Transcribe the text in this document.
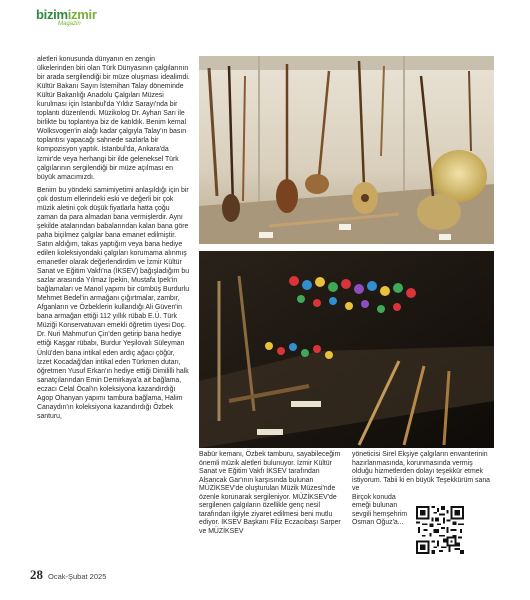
bizimizmir
Magazin

aletleri konusunda dünyanın en zengin ülkelerinden biri olan Türk Dünyasının çalgılarının bir arada sergilendiği bir müze oluşması idealimdi. Kültür Bakanı Sayın İstemihan Talay döneminde Kültür Bakanlığı Anadolu Çalgıları Müzesi kurulması için İstanbul'da Yıldız Sarayı'nda bir toplantı düzenlendi. Müzikolog Dr. Ayhan Sarı ile birlikte bu toplantıya biz de katıldık. Benim kemal Wolksvogen'in alağı kadar çalgıyla Talay'ın basın toplantısı yapacağı sahnede sazlarla bir kompozisyon yaptık. İstanbul'da, Ankara'da İzmir'de veya herhangi bir ilde geleneksel Türk çalgılarının sergilendiği bir müze açılması en büyük amacımızdı.

Benim bu yöndeki samimiyetimi anlaşıldığı için bir çok dostum ellerindeki eski ve değerli bir çok müzik aletini çok düşük fiyatlarla hatta çoğu zaman da para almadan bana vermişlerdir. Aynı şekilde atalarından babalarından kalan bana göre paha biçilmez çalgılar bana emanet edilmiştir. Satın aldığım, takas yaptığım veya bana hediye edilen koleksiyondaki çalgıları korumama alınmış emanetler olarak değerlendirdim ve İzmir Kültür Sanat ve Eğitim Vakfı'na (İKSEV) bağışladığım bu sazlar arasında Yılmaz İpekin, Mustafa İpek'in bağlamaları ve Manol yapımı bir cümbüş Burdurlu Mehmet Bedel'in armağanı çığırtmalar, zambır, Afganların ve Özbeklerin kullandığı Ali Güven'in bana armağan ettiği 112 yıllık rübab E.Ü. Türk Müziği Konservatuvarı emekli öğretim üyesi Doç. Dr. Nuri Mahmut'un Çin'den getirip bana hediye ettiği Kaşgar rübabı, Burdur Yeşilovalı Süleyman Ünlü'den bana intikal eden ardıç ağacı çöğür, İzzet Kocadağ'dan intikal eden Türkmen dutarı, öğretmen Yusuf Erkan'ın hediye ettiği Dimililli halk sanatçılarından Emin Demirkaya'a ait bağlama, eczacı Celal Öcal'ın koleksiyona kazandırdığı Agop Ohanyan yapımı tambura bağlama, Halim Canaydın'ın koleksiyona kazandırdığı Özbek santuru,

Babür kemanı, Özbek tamburu, sayabileceğim önemli müzik aletleri bulunuyor. İzmir Kültür Sanat ve Eğitim Vakfı İKSEV tarafından Alsancak Gar'ının karşısında bulunan MÜZİKSEV'de oluşturulan Müzik Müzesi'nde özenle korunarak sergileniyor. MÜZİKSEV'de sergilenen çalgıların özellikle genç nesil tarafından ilgiyle ziyaret edilmesi beni mutlu ediyor. İKSEV Başkanı Filiz Eczacıbaşı Sarper ve MÜZİKSEV
yöneticisi Sirel Ekşiye çalgıların envanterinin hazırlanmasında, korunmasında vermiş olduğu hizmetlerden dolayı teşekkür etmek istiyorum. Tabii ki en büyük Teşekkürüm sana ve
Birçok konuda emeği bulunan sevgili hemşehrim Osman Oğuz'a...
28 Ocak-Şubat 2025
